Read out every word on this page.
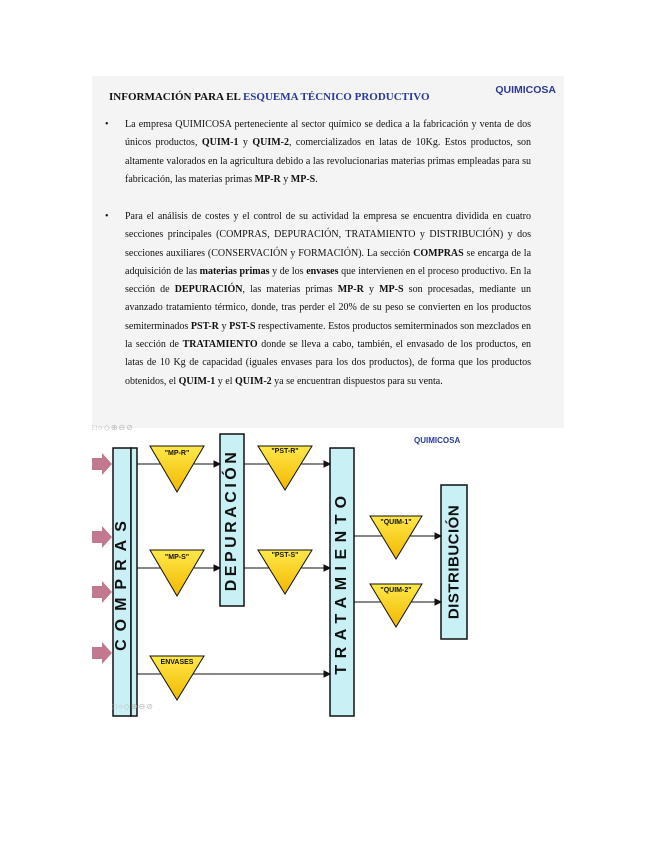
QUIMICOSA
INFORMACIÓN PARA EL ESQUEMA TÉCNICO PRODUCTIVO
• La empresa QUIMICOSA perteneciente al sector químico se dedica a la fabricación y venta de dos únicos productos, QUIM-1 y QUIM-2, comercializados en latas de 10Kg. Estos productos, son altamente valorados en la agricultura debido a las revolucionarias materias primas empleadas para su fabricación, las materias primas MP-R y MP-S.
• Para el análisis de costes y el control de su actividad la empresa se encuentra dividida en cuatro secciones principales (COMPRAS, DEPURACIÓN, TRATAMIENTO y DISTRIBUCIÓN) y dos secciones auxiliares (CONSERVACIÓN y FORMACIÓN). La sección COMPRAS se encarga de la adquisición de las materias primas y de los envases que intervienen en el proceso productivo. En la sección de DEPURACIÓN, las materias primas MP-R y MP-S son procesadas, mediante un avanzado tratamiento térmico, donde, tras perder el 20% de su peso se convierten en los productos semiterminados PST-R y PST-S respectivamente. Estos productos semiterminados son mezclados en la sección de TRATAMIENTO donde se lleva a cabo, también, el envasado de los productos, en latas de 10 Kg de capacidad (iguales envases para los dos productos), de forma que los productos obtenidos, el QUIM-1 y el QUIM-2 ya se encuentran dispuestos para su venta.
"MP-R"
"MP-S"
"PST-R"
"PST-S"
ENVASES
"QUIM-1"
"QUIM-2"
COMPRAS	DEPURACIÓN	TRATAMIENTO	DISTRIBUCIÓN
QUIMICOSA
□○◇⊕⊖⊘
□○◇⊕⊖⊘
